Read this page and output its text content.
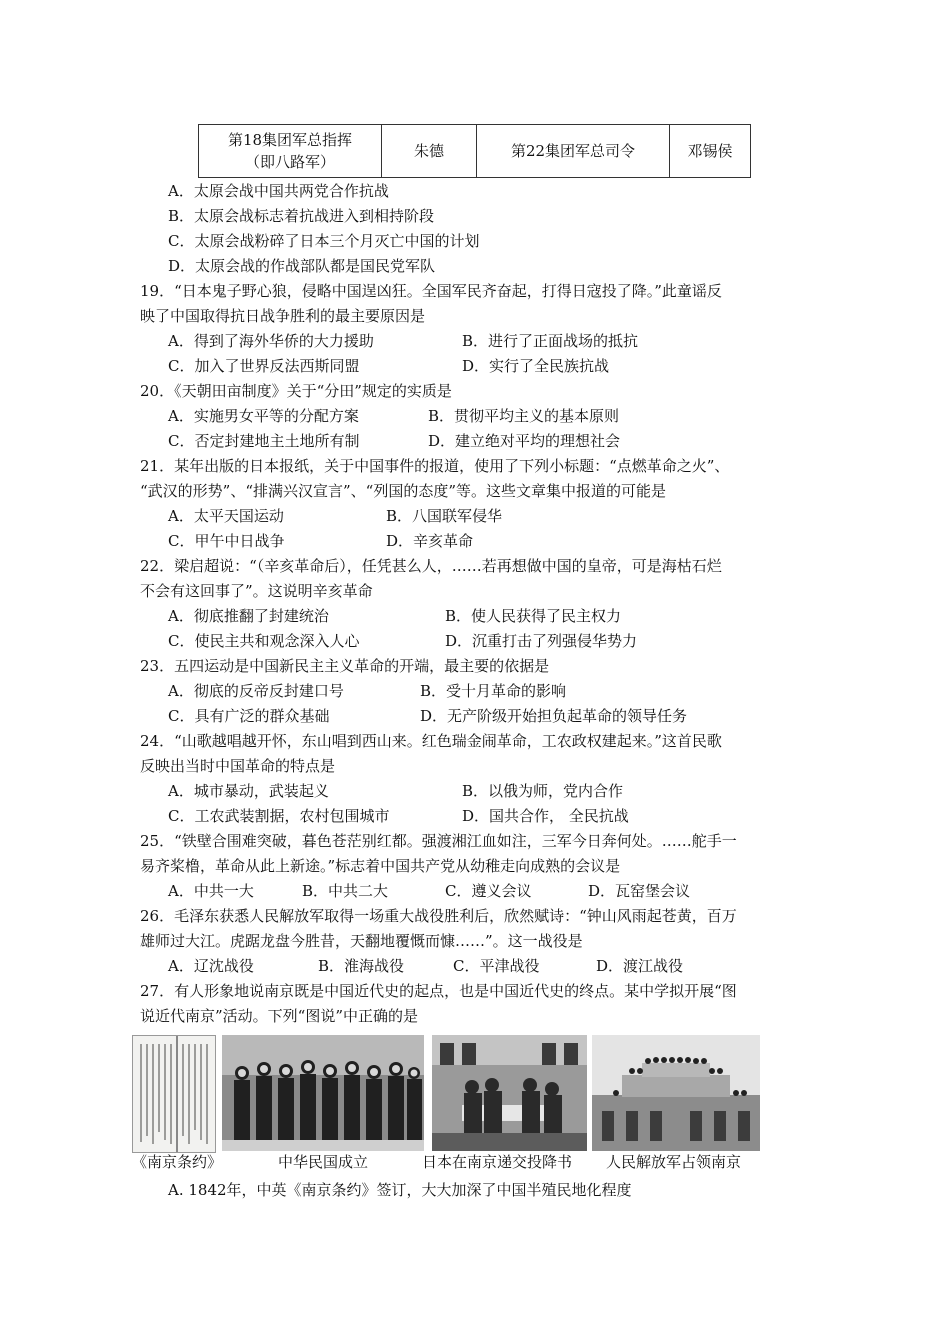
第18集团军总指挥
（即八路军）
	朱德	第22集团军总司令	邓锡侯
A．太原会战中国共两党合作抗战
B．太原会战标志着抗战进入到相持阶段
C．太原会战粉碎了日本三个月灭亡中国的计划
D．太原会战的作战部队都是国民党军队
19．“日本鬼子野心狼，侵略中国逞凶狂。全国军民齐奋起，打得日寇投了降。”此童谣反
映了中国取得抗日战争胜利的最主要原因是
A．得到了海外华侨的大力援助	B．进行了正面战场的抵抗
C．加入了世界反法西斯同盟	D．实行了全民族抗战
20．《天朝田亩制度》关于“分田”规定的实质是
A．实施男女平等的分配方案	B．贯彻平均主义的基本原则
C．否定封建地主土地所有制	D．建立绝对平均的理想社会
21．某年出版的日本报纸，关于中国事件的报道，使用了下列小标题：“点燃革命之火”、
“武汉的形势”、“排满兴汉宣言”、“列国的态度”等。这些文章集中报道的可能是
A．太平天国运动	B．八国联军侵华
C．甲午中日战争	D．辛亥革命
22．梁启超说：“（辛亥革命后），任凭甚么人，……若再想做中国的皇帝，可是海枯石烂
不会有这回事了”。这说明辛亥革命
A．彻底推翻了封建统治	B．使人民获得了民主权力
C．使民主共和观念深入人心	D．沉重打击了列强侵华势力
23．五四运动是中国新民主主义革命的开端，最主要的依据是
A．彻底的反帝反封建口号	B．受十月革命的影响
C．具有广泛的群众基础	D．无产阶级开始担负起革命的领导任务
24．“山歌越唱越开怀，东山唱到西山来。红色瑞金闹革命，工农政权建起来。”这首民歌
反映出当时中国革命的特点是
A．城市暴动，武装起义	B．以俄为师，党内合作
C．工农武装割据，农村包围城市	D．国共合作， 全民抗战
25．“铁壁合围难突破，暮色苍茫别红都。强渡湘江血如注，三军今日奔何处。……舵手一
易齐桨橹，革命从此上新途。”标志着中国共产党从幼稚走向成熟的会议是
A．中共一大	B．中共二大	C．遵义会议	D．瓦窑堡会议
26．毛泽东获悉人民解放军取得一场重大战役胜利后，欣然赋诗：“钟山风雨起苍黄，百万
雄师过大江。虎踞龙盘今胜昔，天翻地覆慨而慷……”。这一战役是
A．辽沈战役	B．淮海战役	C．平津战役	D．渡江战役
27．有人形象地说南京既是中国近代史的起点，也是中国近代史的终点。某中学拟开展“图
说近代南京”活动。下列“图说”中正确的是
《南京条约》	中华民国成立	日本在南京递交投降书 人民解放军占领南京
A. 1842年，中英《南京条约》签订，大大加深了中国半殖民地化程度
